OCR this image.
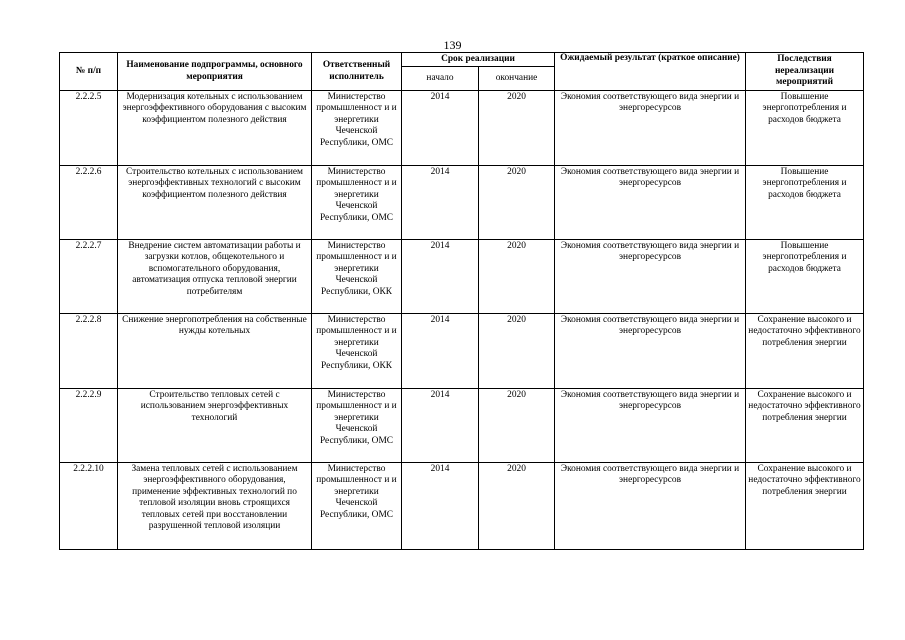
139
№ п/п	Наименование подпрограммы, основного мероприятия	Ответственный исполнитель	Срок реализации		Ожидаемый результат (краткое описание)	Последствия нереализации мероприятий
			начало	окончание		
2.2.2.5	Модернизация котельных с использованием энергоэффективного оборудования с высоким коэффициентом полезного действия	Министерство промышленност и и энергетики Чеченской Республики, ОМС	2014	2020	Экономия соответствующего вида энергии и энергоресурсов	Повышение энергопотребления и расходов бюджета
2.2.2.6	Строительство котельных с использованием энергоэффективных технологий с высоким коэффициентом полезного действия	Министерство промышленност и и энергетики Чеченской Республики, ОМС	2014	2020	Экономия соответствующего вида энергии и энергоресурсов	Повышение энергопотребления и расходов бюджета
2.2.2.7	Внедрение систем автоматизации работы и загрузки котлов, общекотельного и вспомогательного оборудования, автоматизация отпуска тепловой энергии потребителям	Министерство промышленност и и энергетики Чеченской Республики, ОКК	2014	2020	Экономия соответствующего вида энергии и энергоресурсов	Повышение энергопотребления и расходов бюджета
2.2.2.8	Снижение энергопотребления на собственные нужды котельных	Министерство промышленност и и энергетики Чеченской Республики, ОКК	2014	2020	Экономия соответствующего вида энергии и энергоресурсов	Сохранение высокого и недостаточно эффективного потребления энергии
2.2.2.9	Строительство тепловых сетей с использованием энергоэффективных технологий	Министерство промышленност и и энергетики Чеченской Республики, ОМС	2014	2020	Экономия соответствующего вида энергии и энергоресурсов	Сохранение высокого и недостаточно эффективного потребления энергии
2.2.2.10	Замена тепловых сетей с использованием энергоэффективного оборудования, применение эффективных технологий по тепловой изоляции вновь строящихся тепловых сетей при восстановлении разрушенной тепловой изоляции	Министерство промышленност и и энергетики Чеченской Республики, ОМС	2014	2020	Экономия соответствующего вида энергии и энергоресурсов	Сохранение высокого и недостаточно эффективного потребления энергии
